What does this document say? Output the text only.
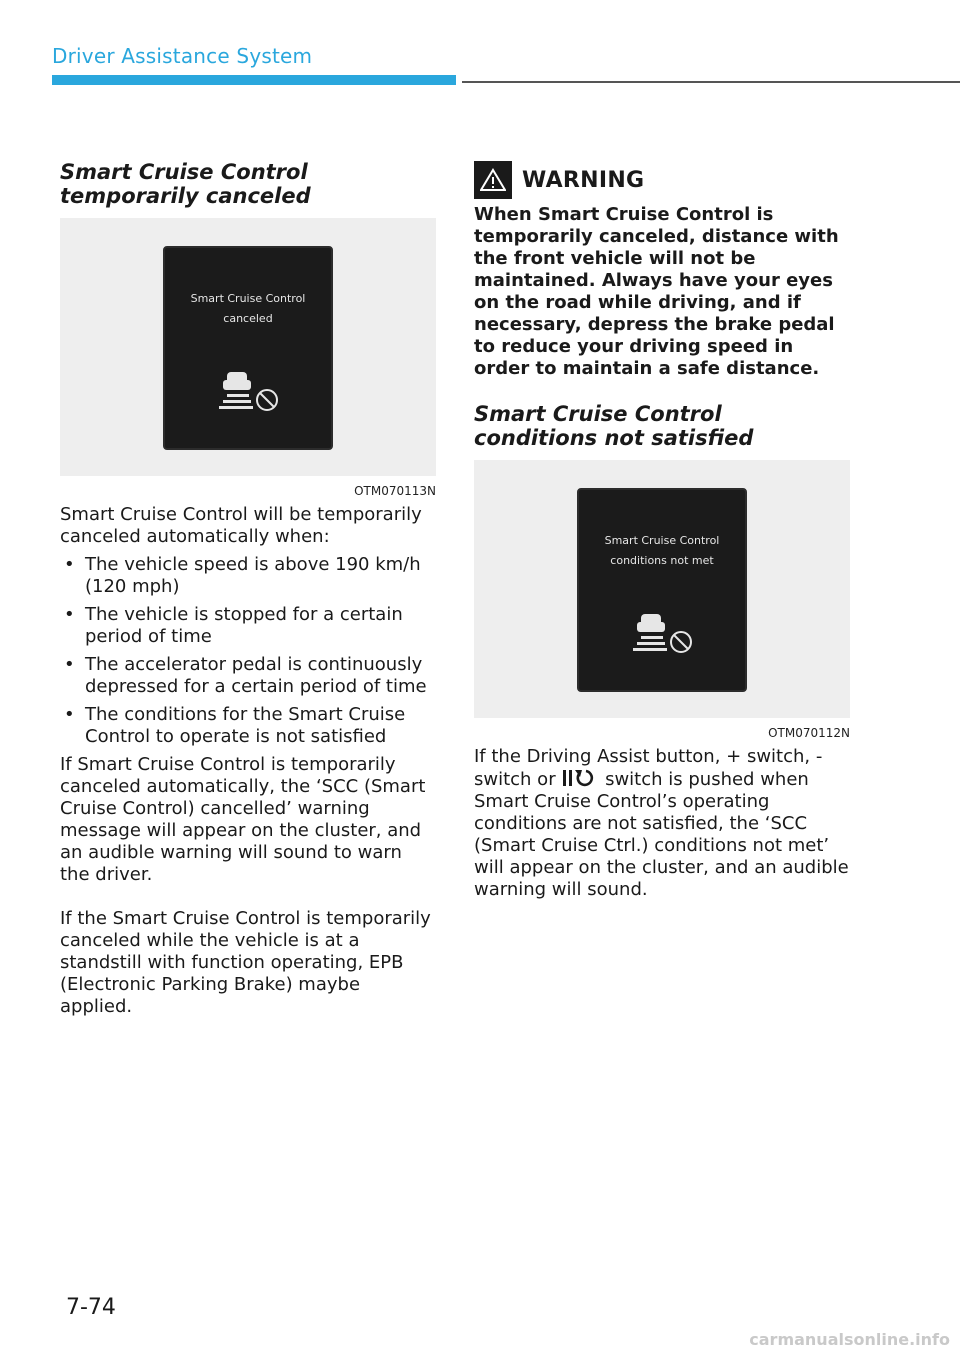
Driver Assistance System
Smart Cruise Control temporarily canceled
Smart Cruise Control
canceled
OTM070113N

Smart Cruise Control will be temporarily canceled automatically when:

• The vehicle speed is above 190 km/h (120 mph)
• The vehicle is stopped for a certain period of time
• The accelerator pedal is continuously depressed for a certain period of time
• The conditions for the Smart Cruise Control to operate is not satisfied

If Smart Cruise Control is temporarily canceled automatically, the ‘SCC (Smart Cruise Control) cancelled’ warning message will appear on the cluster, and an audible warning will sound to warn the driver.

If the Smart Cruise Control is temporarily canceled while the vehicle is at a standstill with function operating, EPB (Electronic Parking Brake) maybe applied.

WARNING

When Smart Cruise Control is temporarily canceled, distance with the front vehicle will not be maintained. Always have your eyes on the road while driving, and if necessary, depress the brake pedal to reduce your driving speed in order to maintain a safe distance.

Smart Cruise Control conditions not satisfied
Smart Cruise Control
conditions not met
OTM070112N

If the Driving Assist button, + switch, - switch or	switch is pushed when Smart Cruise Control’s operating conditions are not satisfied, the ‘SCC (Smart Cruise Ctrl.) conditions not met’ will appear on the cluster, and an audible warning will sound.

7-74
carmanualsonline.info
